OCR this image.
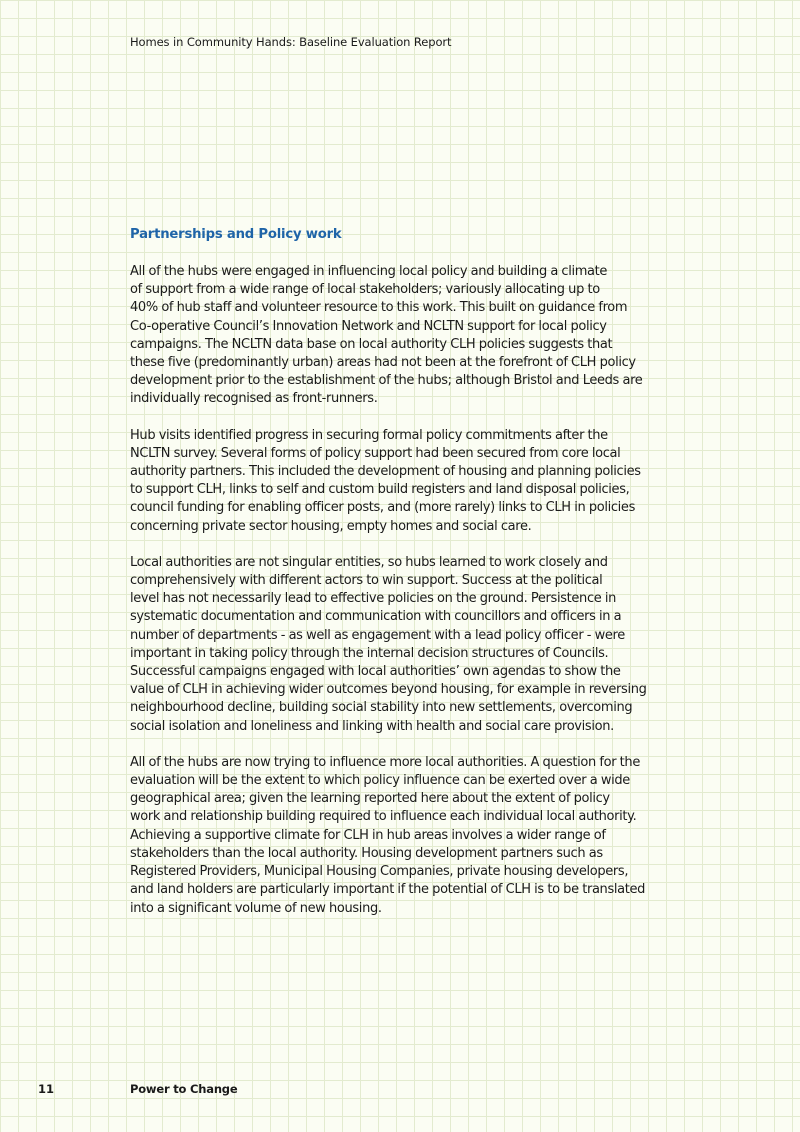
Homes in Community Hands: Baseline Evaluation Report
Partnerships and Policy work

All of the hubs were engaged in influencing local policy and building a climate
of support from a wide range of local stakeholders; variously allocating up to
40% of hub staff and volunteer resource to this work. This built on guidance from
Co-operative Council’s Innovation Network and NCLTN support for local policy
campaigns. The NCLTN data base on local authority CLH policies suggests that
these five (predominantly urban) areas had not been at the forefront of CLH policy
development prior to the establishment of the hubs; although Bristol and Leeds are
individually recognised as front-runners.

Hub visits identified progress in securing formal policy commitments after the
NCLTN survey. Several forms of policy support had been secured from core local
authority partners. This included the development of housing and planning policies
to support CLH, links to self and custom build registers and land disposal policies,
council funding for enabling officer posts, and (more rarely) links to CLH in policies
concerning private sector housing, empty homes and social care.

Local authorities are not singular entities, so hubs learned to work closely and
comprehensively with different actors to win support. Success at the political
level has not necessarily lead to effective policies on the ground. Persistence in
systematic documentation and communication with councillors and officers in a
number of departments - as well as engagement with a lead policy officer - were
important in taking policy through the internal decision structures of Councils.
Successful campaigns engaged with local authorities’ own agendas to show the
value of CLH in achieving wider outcomes beyond housing, for example in reversing
neighbourhood decline, building social stability into new settlements, overcoming
social isolation and loneliness and linking with health and social care provision.

All of the hubs are now trying to influence more local authorities. A question for the
evaluation will be the extent to which policy influence can be exerted over a wide
geographical area; given the learning reported here about the extent of policy
work and relationship building required to influence each individual local authority.
Achieving a supportive climate for CLH in hub areas involves a wider range of
stakeholders than the local authority. Housing development partners such as
Registered Providers, Municipal Housing Companies, private housing developers,
and land holders are particularly important if the potential of CLH is to be translated
into a significant volume of new housing.

11	Power to Change
